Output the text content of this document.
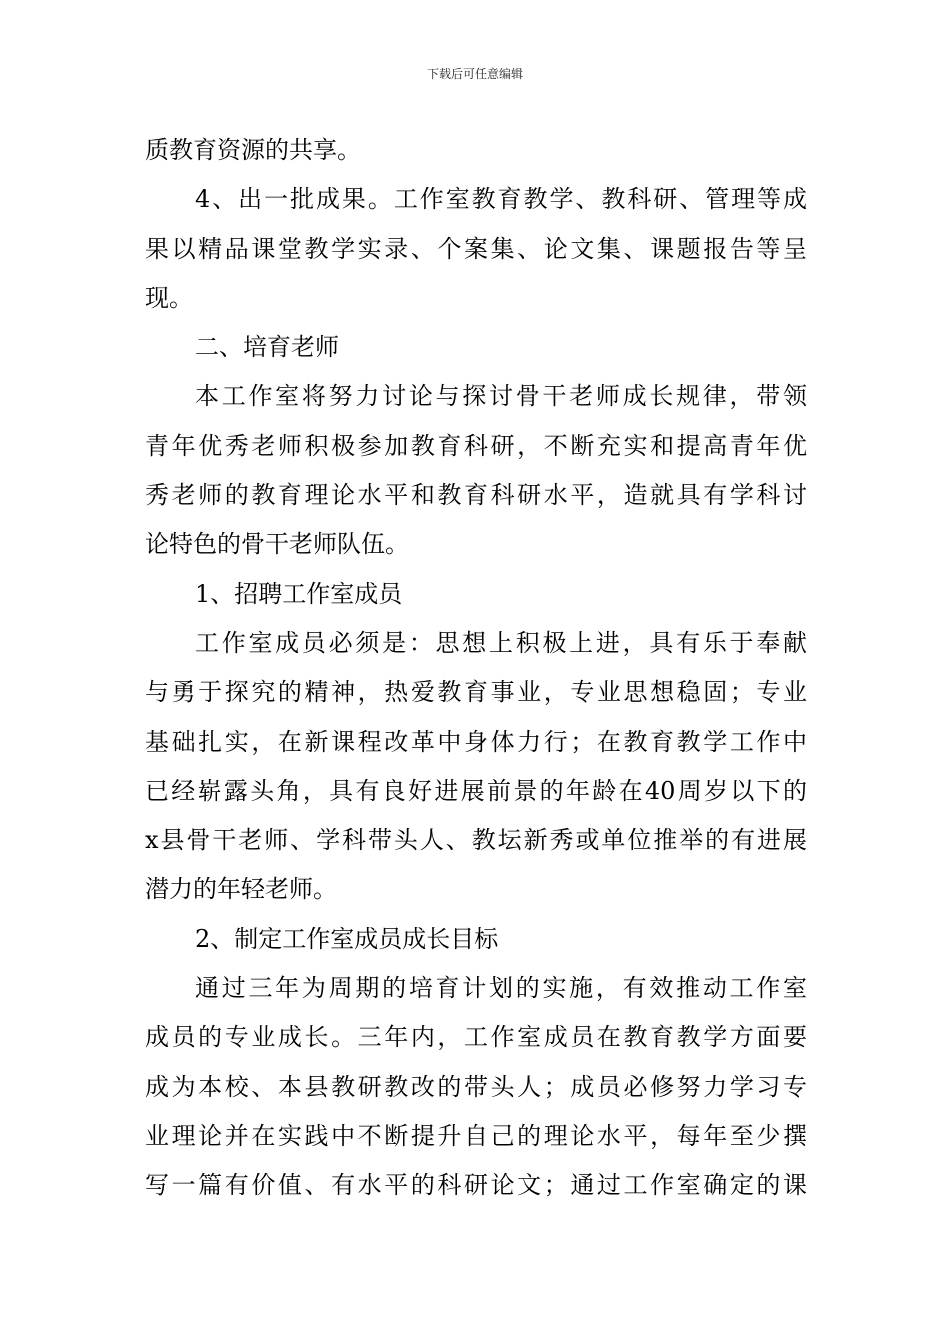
下载后可任意编辑
质教育资源的共享。
4、出一批成果。工作室教育教学、教科研、管理等成
果以精品课堂教学实录、个案集、论文集、课题报告等呈
现。
二、培育老师
本工作室将努力讨论与探讨骨干老师成长规律，带领
青年优秀老师积极参加教育科研，不断充实和提高青年优
秀老师的教育理论水平和教育科研水平，造就具有学科讨
论特色的骨干老师队伍。
1、招聘工作室成员
工作室成员必须是：思想上积极上进，具有乐于奉献
与勇于探究的精神，热爱教育事业，专业思想稳固；专业
基础扎实，在新课程改革中身体力行；在教育教学工作中
已经崭露头角，具有良好进展前景的年龄在40周岁以下的
x县骨干老师、学科带头人、教坛新秀或单位推举的有进展
潜力的年轻老师。
2、制定工作室成员成长目标
通过三年为周期的培育计划的实施，有效推动工作室
成员的专业成长。三年内，工作室成员在教育教学方面要
成为本校、本县教研教改的带头人；成员必修努力学习专
业理论并在实践中不断提升自己的理论水平，每年至少撰
写一篇有价值、有水平的科研论文；通过工作室确定的课
